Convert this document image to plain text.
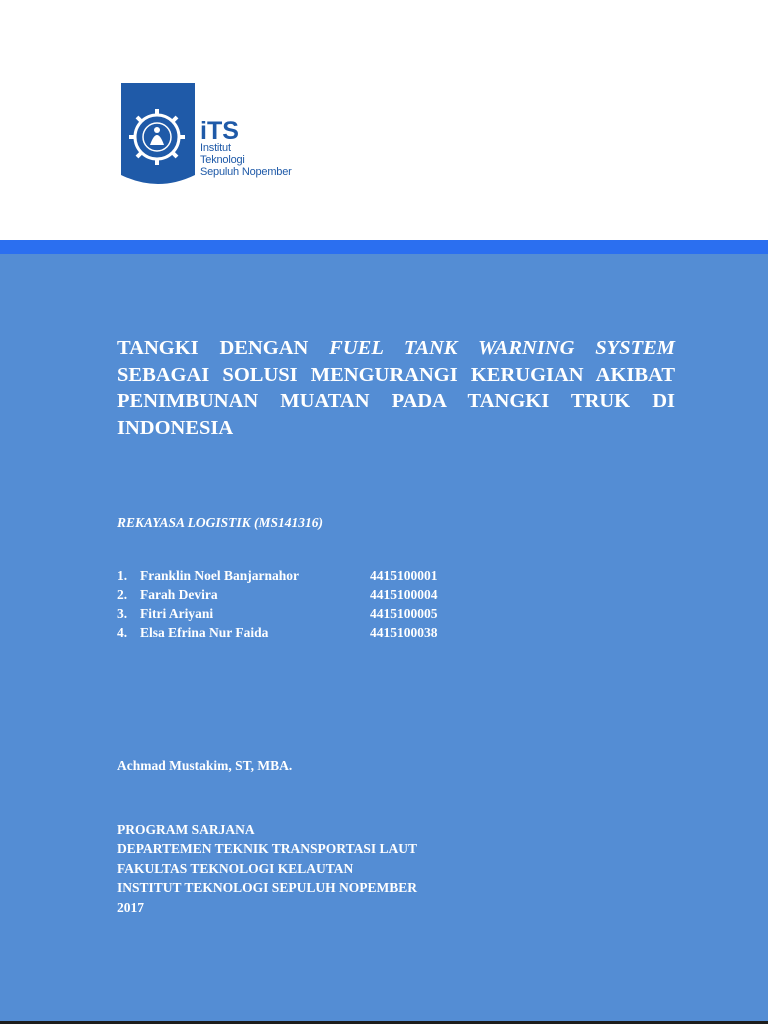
iTS
Institut
Teknologi
Sepuluh Nopember

TANGKI DENGAN FUEL TANK WARNING SYSTEM SEBAGAI SOLUSI MENGURANGI KERUGIAN AKIBAT PENIMBUNAN MUATAN PADA TANGKI TRUK DI INDONESIA

REKAYASA LOGISTIK (MS141316)
1. Franklin Noel Banjarnahor	4415100001
2. Farah Devira	4415100004
3. Fitri Ariyani	4415100005
4. Elsa Efrina Nur Faida	4415100038
Achmad Mustakim, ST, MBA.
PROGRAM SARJANA
DEPARTEMEN TEKNIK TRANSPORTASI LAUT
FAKULTAS TEKNOLOGI KELAUTAN
INSTITUT TEKNOLOGI SEPULUH NOPEMBER
2017
